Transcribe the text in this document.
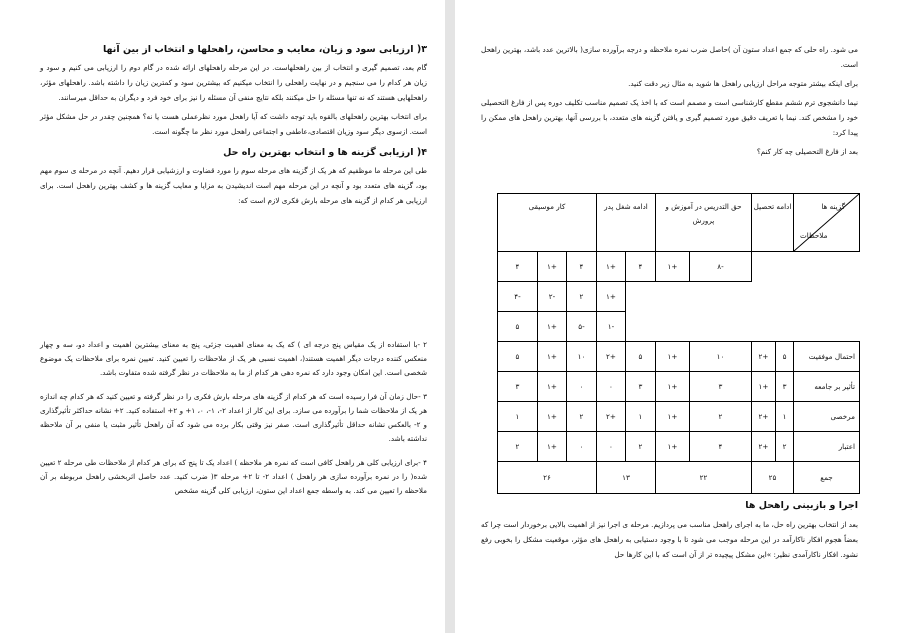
۳( ارزیابی سود و زیان، معایب و محاسن، راهحلها و انتخاب از بین آنها

گام بعد، تصمیم گیری و انتخاب از بین راهحلهاست. در این مرحله راهحلهای ارائه شده در گام دوم را ارزیابی می کنیم و سود و زیان هر کدام را می سنجیم و در نهایت راهحلی را انتخاب میکنیم که بیشترین سود و کمترین زیان را داشته باشد. راهحلهای مؤثر، راهحلهایی هستند که نه تنها مسئله را حل میکنند بلکه نتایج منفی آن مسئله را نیز برای خود فرد و دیگران به حداقل میرسانند.

برای انتخاب بهترین راهحلهای بالقوه باید توجه داشت که آیا راهحل مورد نظرعملی هست یا نه؟ همچنین چقدر در حل مشکل مؤثر است. ازسوی دیگر سود وزیان اقتصادی،عاطفی و اجتماعی راهحل مورد نظر ما چگونه است.

۴( ارزیابی گزینه ها و انتخاب بهترین راه حل

طی این مرحله ما موظفیم که هر یک از گزینه های مرحله سوم را مورد قضاوت و ارزشیابی قرار دهیم. آنچه در مرحله ی سوم مهم بود، گزینه های متعدد بود و آنچه در این مرحله مهم است اندیشیدن به مزایا و معایب گزینه ها و کشف بهترین راهحل است. برای ارزیابی هر کدام از گزینه های مرحله بارش فکری لازم است که:

۲ -با استفاده از یک مقیاس پنج درجه ای ) که یک به معنای اهمیت جزئی، پنج به معنای بیشترین اهمیت و اعداد دو، سه و چهار منعکس کننده درجات دیگر اهمیت هستند(، اهمیت نسبی هر یک از ملاحظات را تعیین کنید. تعیین نمره برای ملاحظات یک موضوع شخصی است. این امکان وجود دارد که نمره دهی هر کدام از ما به ملاحظات در نظر گرفته شده متفاوت باشد.

۳ -حال زمان آن فرا رسیده است که هر کدام از گزینه های مرحله بارش فکری را در نظر گرفته و تعیین کنید که هر کدام چه اندازه هر یک از ملاحظات شما را برآورده می سازد. برای این کار از اعداد ۲-، ۱-، ۰، ۱+ و ۲+ استفاده کنید. ۲+ نشانه حداکثر تأثیرگذاری و ۲- بالعکس نشانه حداقل تأثیرگذاری است. صفر نیز وقتی بکار برده می شود که آن راهحل تأثیر مثبت یا منفی بر آن ملاحظه نداشته باشد.

۴ -برای ارزیابی کلی هر راهحل کافی است که نمره هر ملاحظه ) اعداد یک تا پنج که برای هر کدام از ملاحظات طی مرحله ۲ تعیین شده( را در نمره برآورده سازی هر راهحل ) اعداد ۲- تا ۲+ مرحله ۳( ضرب کنید. عدد حاصل اثربخشی راهحل مربوطه بر آن ملاحظه را تعیین می کند. به واسطه جمع اعداد این ستون، ارزیابی کلی گزینه مشخص

می شود. راه حلی که جمع اعداد ستون آن )حاصل ضرب نمره ملاحظه و درجه برآورده سازی( بالاترین عدد باشد، بهترین راهحل است.

برای اینکه بیشتر متوجه مراحل ارزیابی راهحل ها شوید به مثال زیر دقت کنید.

نیما دانشجوی ترم ششم مقطع کارشناسی است و مصمم است که با اخذ یک تصمیم مناسب تکلیف دوره پس از فارغ التحصیلی خود را مشخص کند. نیما با تعریف دقیق مورد تصمیم گیری و یافتن گزینه های متعدد، با بررسی آنها، بهترین راهحل های ممکن را پیدا کرد:

بعد از فارغ التحصیلی چه کار کنم؟

گزینه ها
ملاحظات	ادامه تحصیل		حق التدریس در آموزش و پرورش		ادامه شغل پدر		کار موسیقی		
			-۸	+۱	۴	+۱	۴	+۱	۴
						+۱	۲	-۲	-۴
						-۱	-۵	+۱	۵
احتمال موفقیت	۵	+۲	۱۰	+۱	۵	+۲	۱۰	+۱	۵
تأثیر بر جامعه	۳	+۱	۳	+۱	۳	۰	۰	+۱	۳
مرخصی	۱	+۲	۲	+۱	۱	+۲	۲	+۱	۱
اعتبار	۲	+۲	۴	+۱	۲	۰	۰	+۱	۲
جمع	۲۵		۲۲		۱۳		۲۶		
اجرا و بازبینی راهحل ها

بعد از انتخاب بهترین راه حل، ما به اجرای راهحل مناسب می پردازیم. مرحله ی اجرا نیز از اهمیت بالایی برخوردار است چرا که بعضاً هجوم افکار ناکارآمد در این مرحله موجب می شود تا با وجود دستیابی به راهحل های مؤثر، موقعیت مشکل را بخوبی رفع نشود. افکار ناکارآمدی نظیر: »این مشکل پیچیده تر از آن است که با این کارها حل
